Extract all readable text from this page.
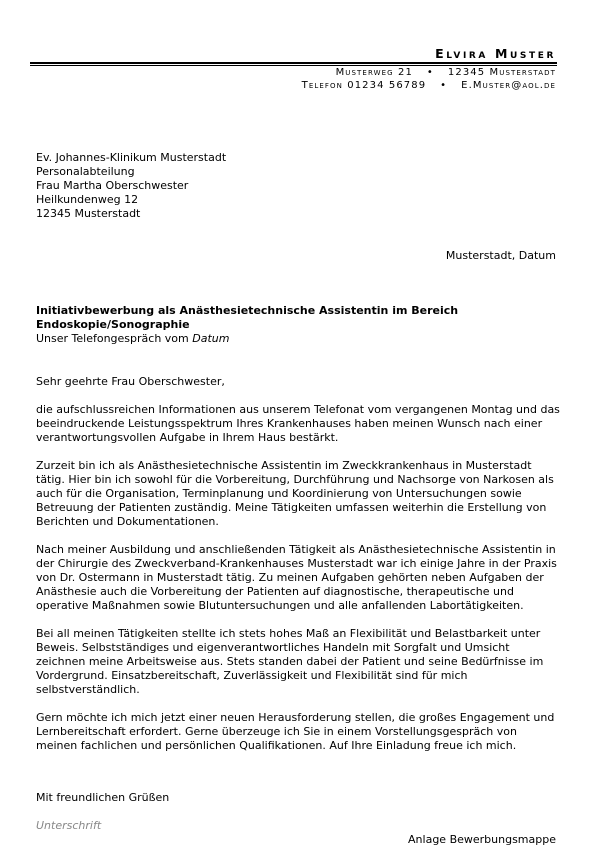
Elvira Muster
Musterweg 21 • 12345 Musterstadt
Telefon 01234 56789 • E.Muster@aol.de
Ev. Johannes-Klinikum Musterstadt
Personalabteilung
Frau Martha Oberschwester
Heilkundenweg 12
12345 Musterstadt
Musterstadt, Datum
Initiativbewerbung als Anästhesietechnische Assistentin im Bereich Endoskopie/Sonographie
Unser Telefongespräch vom Datum
Sehr geehrte Frau Oberschwester,

die aufschlussreichen Informationen aus unserem Telefonat vom vergangenen Montag und das beeindruckende Leistungsspektrum Ihres Krankenhauses haben meinen Wunsch nach einer verantwortungsvollen Aufgabe in Ihrem Haus bestärkt.

Zurzeit bin ich als Anästhesietechnische Assistentin im Zweckkrankenhaus in Musterstadt tätig. Hier bin ich sowohl für die Vorbereitung, Durchführung und Nachsorge von Narkosen als auch für die Organisation, Terminplanung und Koordinierung von Untersuchungen sowie Betreuung der Patienten zuständig. Meine Tätigkeiten umfassen weiterhin die Erstellung von Berichten und Dokumentationen.

Nach meiner Ausbildung und anschließenden Tätigkeit als Anästhesietechnische Assistentin in der Chirurgie des Zweckverband-Krankenhauses Musterstadt war ich einige Jahre in der Praxis von Dr. Ostermann in Musterstadt tätig. Zu meinen Aufgaben gehörten neben Aufgaben der Anästhesie auch die Vorbereitung der Patienten auf diagnostische, therapeutische und operative Maßnahmen sowie Blutuntersuchungen und alle anfallenden Labortätigkeiten.

Bei all meinen Tätigkeiten stellte ich stets hohes Maß an Flexibilität und Belastbarkeit unter Beweis. Selbstständiges und eigenverantwortliches Handeln mit Sorgfalt und Umsicht zeichnen meine Arbeitsweise aus. Stets standen dabei der Patient und seine Bedürfnisse im Vordergrund. Einsatzbereitschaft, Zuverlässigkeit und Flexibilität sind für mich selbstverständlich.

Gern möchte ich mich jetzt einer neuen Herausforderung stellen, die großes Engagement und Lernbereitschaft erfordert. Gerne überzeuge ich Sie in einem Vorstellungsgespräch von meinen fachlichen und persönlichen Qualifikationen. Auf Ihre Einladung freue ich mich.

Mit freundlichen Grüßen
Unterschrift
Anlage Bewerbungsmappe
